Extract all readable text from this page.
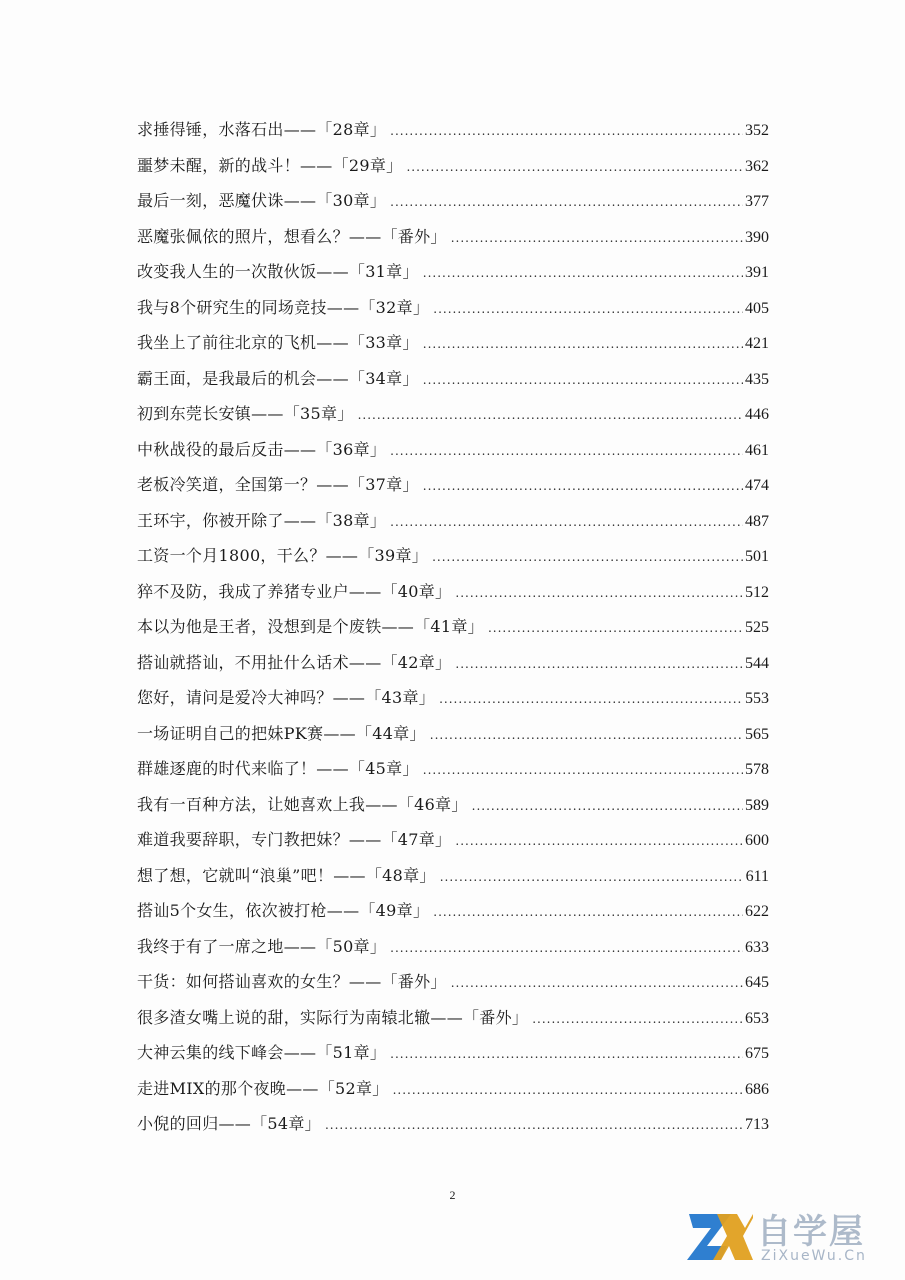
求捶得锤，水落石出——「28章」 .....	352
噩梦未醒，新的战斗！——「29章」 .....	362
最后一刻，恶魔伏诛——「30章」 .....	377
恶魔张佩依的照片，想看么？——「番外」 .....	390
改变我人生的一次散伙饭——「31章」 .....	391
我与8个研究生的同场竞技——「32章」 .....	405
我坐上了前往北京的飞机——「33章」 .....	421
霸王面，是我最后的机会——「34章」 .....	435
初到东莞长安镇——「35章」 .....	446
中秋战役的最后反击——「36章」 .....	461
老板冷笑道，全国第一？——「37章」 .....	474
王环宇，你被开除了——「38章」 .....	487
工资一个月1800，干么？——「39章」 .....	501
猝不及防，我成了养猪专业户——「40章」 .....	512
本以为他是王者，没想到是个废铁——「41章」 .....	525
搭讪就搭讪，不用扯什么话术——「42章」 .....	544
您好，请问是爱冷大神吗？——「43章」 .....	553
一场证明自己的把妹PK赛——「44章」 .....	565
群雄逐鹿的时代来临了！——「45章」 .....	578
我有一百种方法，让她喜欢上我——「46章」 .....	589
难道我要辞职，专门教把妹？——「47章」 .....	600
想了想，它就叫“浪巢”吧！——「48章」 .....	611
搭讪5个女生，依次被打枪——「49章」 .....	622
我终于有了一席之地——「50章」 .....	633
干货：如何搭讪喜欢的女生？——「番外」 .....	645
很多渣女嘴上说的甜，实际行为南辕北辙——「番外」 .....	653
大神云集的线下峰会——「51章」 .....	675
走进MIX的那个夜晚——「52章」 .....	686
小倪的回归——「54章」 .....	713
2
自学屋
ZiXueWu.Cn
